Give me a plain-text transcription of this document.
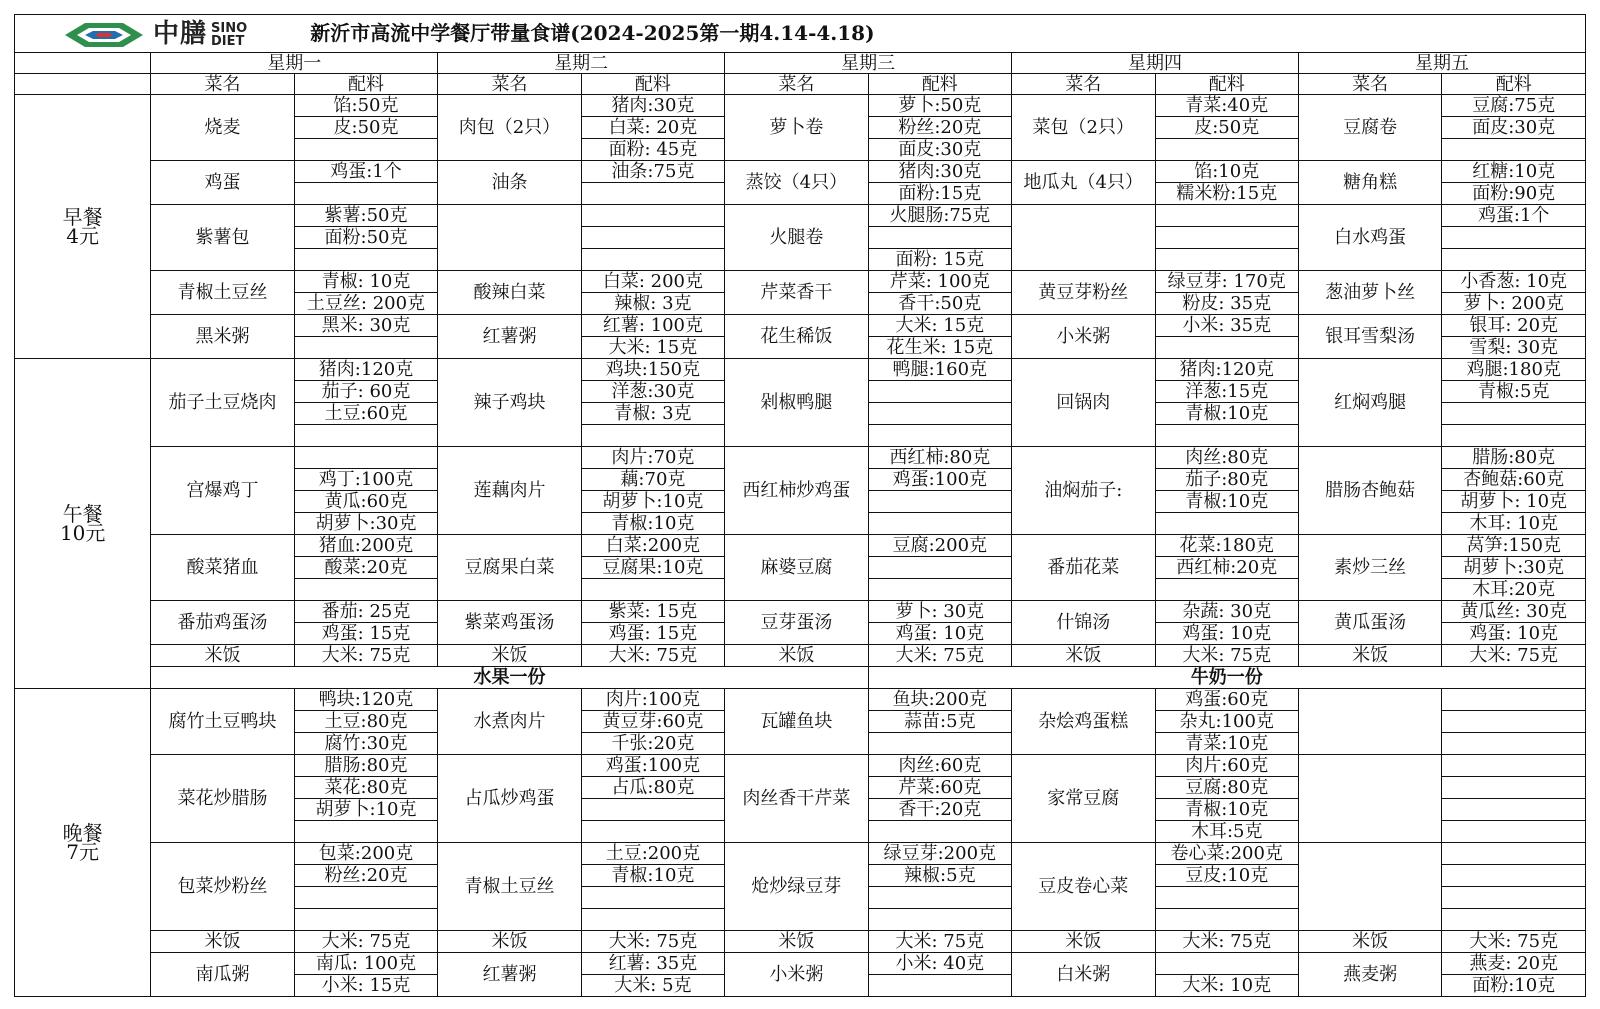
中膳 SINO DIET		新沂市高流中学餐厅带量食谱(2024-2025第一期4.14-4.18)								
	星期一		星期二		星期三		星期四		星期五	
	菜名	配料	菜名	配料	菜名	配料	菜名	配料	菜名	配料

早餐
4元	烧麦	馅:50克	肉包（2只）	猪肉:30克	萝卜卷	萝卜:50克	菜包（2只）	青菜:40克	豆腐卷	豆腐:75克
		皮:50克		白菜: 20克		粉丝:20克		皮:50克		面皮:30克
				面粉: 45克		面皮:30克				
	鸡蛋	鸡蛋:1个	油条	油条:75克	蒸饺（4只）	猪肉:30克	地瓜丸（4只）	馅:10克	糖角糕	红糖:10克
						面粉:15克		糯米粉:15克		面粉:90克
	紫薯包	紫薯:50克			火腿卷	火腿肠:75克			白水鸡蛋	鸡蛋:1个
		面粉:50克								
						面粉: 15克				
	青椒土豆丝	青椒: 10克	酸辣白菜	白菜: 200克	芹菜香干	芹菜: 100克	黄豆芽粉丝	绿豆芽: 170克	葱油萝卜丝	小香葱: 10克
		土豆丝: 200克		辣椒: 3克		香干:50克		粉皮: 35克		萝卜: 200克
	黑米粥	黑米: 30克	红薯粥	红薯: 100克	花生稀饭	大米: 15克	小米粥	小米: 35克	银耳雪梨汤	银耳: 20克
				大米: 15克		花生米: 15克				雪梨: 30克

午餐
10元	茄子土豆烧肉	猪肉:120克	辣子鸡块	鸡块:150克	剁椒鸭腿	鸭腿:160克	回锅肉	猪肉:120克	红焖鸡腿	鸡腿:180克
		茄子: 60克		洋葱:30克				洋葱:15克		青椒:5克
		土豆:60克		青椒: 3克				青椒:10克		

	宫爆鸡丁		莲藕肉片	肉片:70克	西红柿炒鸡蛋	西红柿:80克	油焖茄子:	肉丝:80克	腊肠杏鲍菇	腊肠:80克
		鸡丁:100克		藕:70克		鸡蛋:100克		茄子:80克		杏鲍菇:60克
		黄瓜:60克		胡萝卜:10克				青椒:10克		胡萝卜: 10克
		胡萝卜:30克		青椒:10克						木耳: 10克
	酸菜猪血	猪血:200克	豆腐果白菜	白菜:200克	麻婆豆腐	豆腐:200克	番茄花菜	花菜:180克	素炒三丝	莴笋:150克
		酸菜:20克		豆腐果:10克				西红柿:20克		胡萝卜:30克
										木耳:20克
	番茄鸡蛋汤	番茄: 25克	紫菜鸡蛋汤	紫菜: 15克	豆芽蛋汤	萝卜: 30克	什锦汤	杂蔬: 30克	黄瓜蛋汤	黄瓜丝: 30克
		鸡蛋: 15克		鸡蛋: 15克		鸡蛋: 10克		鸡蛋: 10克		鸡蛋: 10克
	米饭	大米: 75克	米饭	大米: 75克	米饭	大米: 75克	米饭	大米: 75克	米饭	大米: 75克
	水果一份					牛奶一份				

晚餐
7元	腐竹土豆鸭块	鸭块:120克	水煮肉片	肉片:100克	瓦罐鱼块	鱼块:200克	杂烩鸡蛋糕	鸡蛋:60克		
		土豆:80克		黄豆芽:60克		蒜苗:5克		杂丸:100克		
		腐竹:30克		千张:20克				青菜:10克		
	菜花炒腊肠	腊肠:80克	占瓜炒鸡蛋	鸡蛋:100克	肉丝香干芹菜	肉丝:60克	家常豆腐	肉片:60克		
		菜花:80克		占瓜:80克		芹菜:60克		豆腐:80克		
		胡萝卜:10克				香干:20克		青椒:10克		
								木耳:5克		
	包菜炒粉丝	包菜:200克	青椒土豆丝	土豆:200克	炝炒绿豆芽	绿豆芽:200克	豆皮卷心菜	卷心菜:200克		
		粉丝:20克		青椒:10克		辣椒:5克		豆皮:10克		

	米饭	大米: 75克	米饭	大米: 75克	米饭	大米: 75克	米饭	大米: 75克	米饭	大米: 75克
	南瓜粥	南瓜: 100克	红薯粥	红薯: 35克	小米粥	小米: 40克	白米粥		燕麦粥	燕麦: 20克
		小米: 15克		大米: 5克				大米: 10克		面粉:10克
